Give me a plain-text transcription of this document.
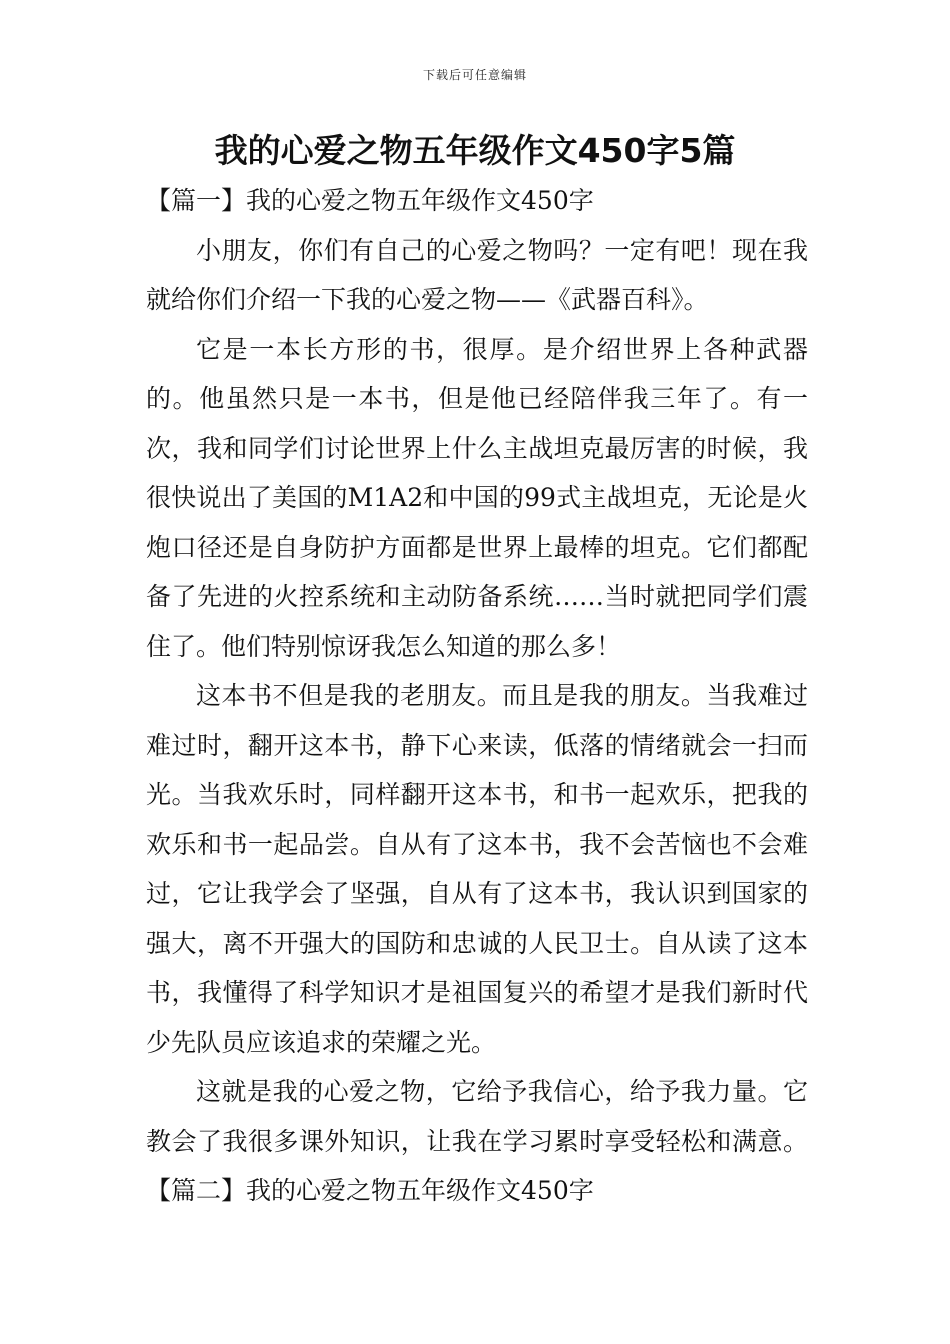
下载后可任意编辑
我的心爱之物五年级作文450字5篇

【篇一】我的心爱之物五年级作文450字

小朋友，你们有自己的心爱之物吗？一定有吧！现在我就给你们介绍一下我的心爱之物——《武器百科》。

它是一本长方形的书，很厚。是介绍世界上各种武器的。他虽然只是一本书，但是他已经陪伴我三年了。有一次，我和同学们讨论世界上什么主战坦克最厉害的时候，我很快说出了美国的M1A2和中国的99式主战坦克，无论是火炮口径还是自身防护方面都是世界上最棒的坦克。它们都配备了先进的火控系统和主动防备系统……当时就把同学们震住了。他们特别惊讶我怎么知道的那么多！

这本书不但是我的老朋友。而且是我的朋友。当我难过难过时，翻开这本书，静下心来读，低落的情绪就会一扫而光。当我欢乐时，同样翻开这本书，和书一起欢乐，把我的欢乐和书一起品尝。自从有了这本书，我不会苦恼也不会难过，它让我学会了坚强，自从有了这本书，我认识到国家的强大，离不开强大的国防和忠诚的人民卫士。自从读了这本书，我懂得了科学知识才是祖国复兴的希望才是我们新时代少先队员应该追求的荣耀之光。

这就是我的心爱之物，它给予我信心，给予我力量。它教会了我很多课外知识，让我在学习累时享受轻松和满意。【篇二】我的心爱之物五年级作文450字
